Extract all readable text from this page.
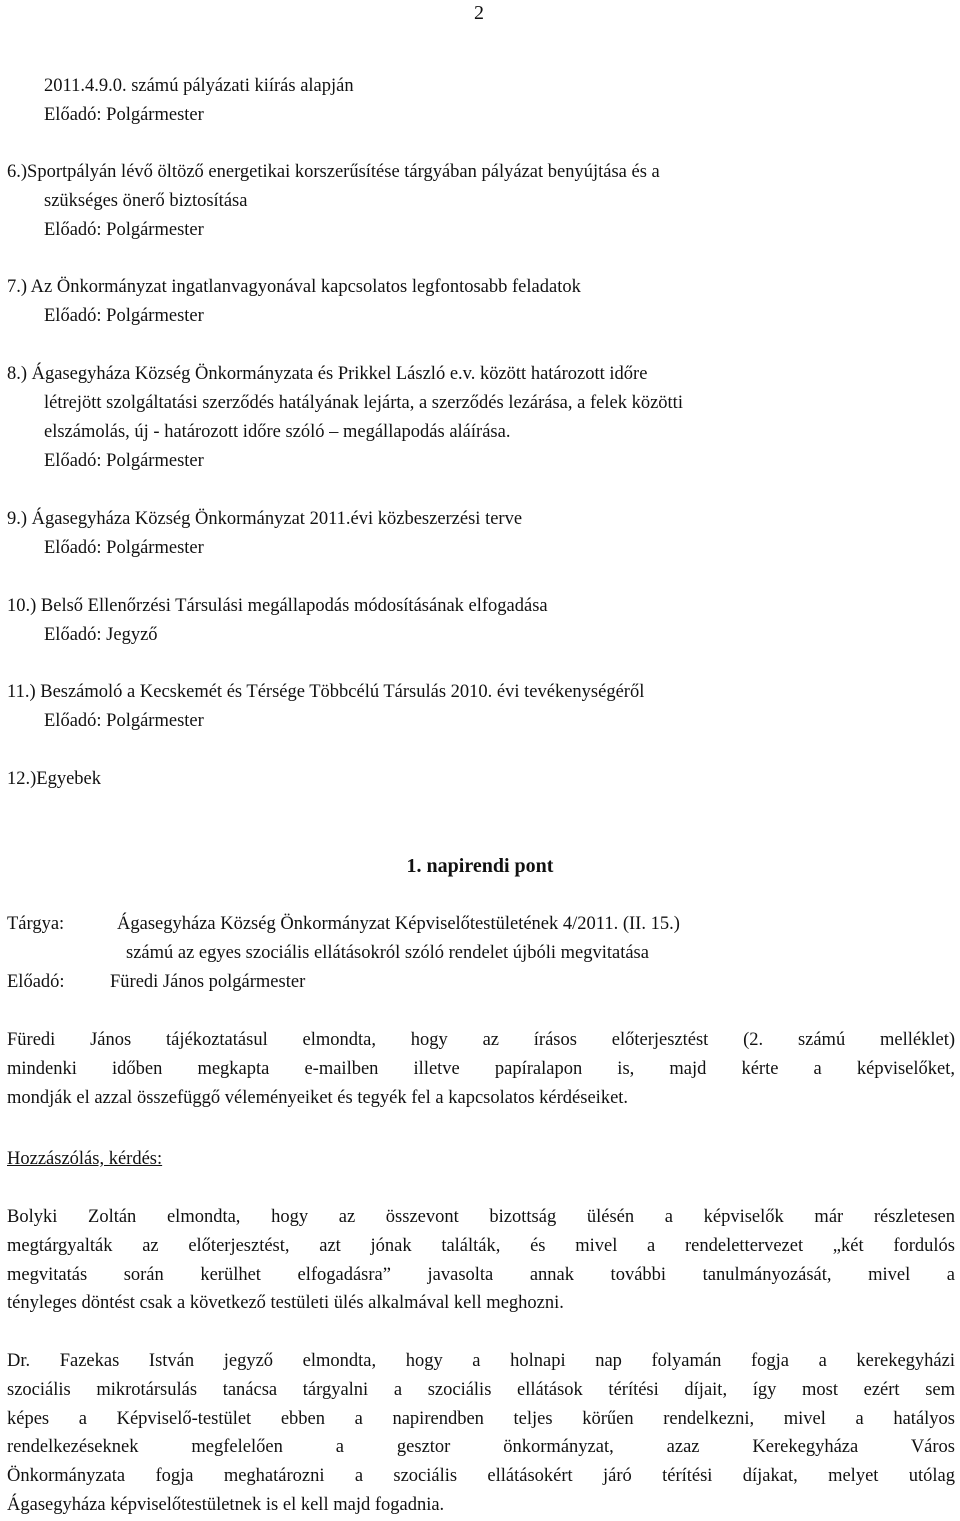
2
2011.4.9.0. számú pályázati kiírás alapján
Előadó: Polgármester
6.)Sportpályán lévő öltöző energetikai korszerűsítése tárgyában pályázat benyújtása és a
szükséges önerő biztosítása
Előadó: Polgármester
7.) Az Önkormányzat ingatlanvagyonával kapcsolatos legfontosabb feladatok
Előadó: Polgármester
8.) Ágasegyháza Község Önkormányzata és Prikkel László e.v. között határozott időre
létrejött szolgáltatási szerződés hatályának lejárta, a szerződés lezárása, a felek közötti
elszámolás, új - határozott időre szóló – megállapodás aláírása.
Előadó: Polgármester
9.) Ágasegyháza Község Önkormányzat 2011.évi közbeszerzési terve
Előadó: Polgármester
10.) Belső Ellenőrzési Társulási megállapodás módosításának elfogadása
Előadó: Jegyző
11.) Beszámoló a Kecskemét és Térsége Többcélú Társulás 2010. évi tevékenységéről
Előadó: Polgármester
12.)Egyebek
1. napirendi pont
Tárgya:	Ágasegyháza Község Önkormányzat Képviselőtestületének 4/2011. (II. 15.)
számú az egyes szociális ellátásokról szóló rendelet újbóli megvitatása
Előadó: Füredi János polgármester
Füredi János tájékoztatásul elmondta, hogy az írásos előterjesztést (2. számú melléklet)
mindenki időben megkapta e-mailben illetve papíralapon is, majd kérte a képviselőket,
mondják el azzal összefüggő véleményeiket és tegyék fel a kapcsolatos kérdéseiket.
Hozzászólás, kérdés:
Bolyki Zoltán elmondta, hogy az összevont bizottság ülésén a képviselők már részletesen
megtárgyalták az előterjesztést, azt jónak találták, és mivel a rendelettervezet „két fordulós
megvitatás során kerülhet elfogadásra” javasolta annak további tanulmányozását, mivel a
tényleges döntést csak a következő testületi ülés alkalmával kell meghozni.
Dr. Fazekas István jegyző elmondta, hogy a holnapi nap folyamán fogja a kerekegyházi
szociális mikrotársulás tanácsa tárgyalni a szociális ellátások térítési díjait, így most ezért sem
képes a Képviselő-testület ebben a napirendben teljes körűen rendelkezni, mivel a hatályos
rendelkezéseknek megfelelően a gesztor önkormányzat, azaz Kerekegyháza Város
Önkormányzata fogja meghatározni a szociális ellátásokért járó térítési díjakat, melyet utólag
Ágasegyháza képviselőtestületnek is el kell majd fogadnia.
